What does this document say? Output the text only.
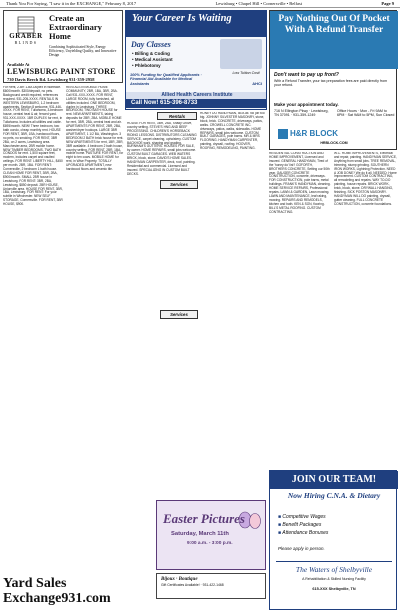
Thank You For Saying, "I saw it in the EXCHANGE," February 8, 2017	Lewisburg • Chapel Hill • Cornersville • Belfast	Page 9
GRABER
BLINDS
Create an Extraordinary Home
Combining Sophisticated Style, Energy Efficiency, Unyielding Quality, and Innovative Design
Available At
LEWISBURG PAINT STORE
730 Davis Beech Rd. Lewisburg 931-359-2958

For Rent, 2-BR 1-BA Duplex in Wartrace. $600/month. $300/deposit, no pets. Background credit required, references required. 931-205-XXXX. RENTALS IN WESTERN LEWISBURG, 1-2 bedroom apartments, Section 8 welcome. 931-446-XXXX. FOR RENT, Tullahoma, 3-bedroom house, central heat & air, fenced yard. 931-XXX-XXXX. 1BR DUPLEX for rent, in Tullahoma. Includes all utilities and cable. $695/month. NEW! Three bedroom, two bath condo, cheap monthly rent. HOUSE FOR RENT, 3BR, 1BA, hardwood floors, no pets, no smoking. FOR RENT, 3BR 2BA, on 2 acres, Lewisburg area. Manchester area, 2BR mobile home. NEW TIMBER BEDROOMS, TWO BATH CONDOS for rent. 1,500 square feet, modern, includes carpet and vaulted ceilings. FOR RENT: LIBERTY HILL, $450 per month. 2BR, 1BA. FOR RENT: Cornersville, 2 bedroom 1 bath house. CLEAN HOME FOR RENT, 3BR, 2BA, $900/month. SMALL 2BR house in Lewisburg. FOR RENT: 3BR, 2BA, Lewisburg, $850 deposit. 2BR HOUSE, Unionville area. HOUSE FOR RENT, 3BR, 1BA, Lewisburg. FOR RENT: For your subtile in Winchester. NEW SELF STORAGE, Cornersville. FOR RENT, 3BR HOUSE, $900.

RENTALS IN MOBILE HOME COMMUNITY, 2BR, 1BA, 3BR, 2BA. Call 931-XXX-XXXX. FOR RENT, LARGE ROOM, fully furnished, all utilities included. ONE BEDROOM, duplex in Lewisburg. THREE BEDROOM, TWO BATH HOUSE for rent. NEW APARTMENTS, taking deposits for 2BR, 2BA. MOBILE HOME for rent, 3BR, 2BA, central heat and air. APARTMENTS FOR RENT, 2BR, 2BA, washer/dryer hookups. LARGE 3BR APARTMENT, 1 1/2 BA, Washington. 3 BEDROOM 2 BATH brick house for rent. NEW APARTMENTS for rent, 1BR, 2BR, 3BR available. 4 bedroom 2 bath house, country setting. FOR RENT, 2BR, 1BA, mobile home. PASTURE FOR RENT, for eight to ten cows. MOBILE HOME for rent, in Wise Property. TOTALLY UPGRADED APARTMENT, new hardwood floors and ceramic tile.

Your Career Is Waiting
Day Classes
• Billing & Coding
• Medical Assistant
• Phlebotomy
Low Tuition Cost!
100% Funding for Qualified Applicants · Financial Aid Available for Medical Assistants	AHCI
Allied Health Careers Institute
Call Now! 615-396-8733
Rentals

HOUSE FOR RENT, 3BR, 2BA, Shady Grove, country setting. STEVE'S HNG AND BEEF PROCESSING. CHILDREN'S HORSEBACK RIDING LESSONS. DISTRIBUTORS CLEANING SERVICE, carpet cleaning, upholstery. CUSTOM BACKHOE work, shaping and grading. BURNHAM'S GUTTERS. HOUSES FOR SALE, by owner. HOME REPAIRS, small jobs welcome. CUSTOM BUILT GARAGES. WEB WATERS BRICK, block, stone. DAVID'S HOME SALES. HANDYMAN CARPENTER, deck, roof, painting. Residential and commercial. Licensed and insured. SPECIALIZING IN CUSTOM BUILT DECKS.

Services
Services

HONEY DO HANDYMAN, do-it-all. No job too big. JOHNNY SILVESTER MASONRY, stone, block, brick. CONCRETE, driveways, patios, walks. CROWELL CONCRETE INC. driveways, patios, walks, sidewalks. HOME REPAIRS, small jobs welcome. CUSTOM BUILT GARAGES, pole barns. MR & MRS FLOORING. HANDYMAN CARPENTER, painting, drywall, roofing. HOOVER, ROOFING, REMODELING, PAINTING.

Pay Nothing Out Of Pocket With A Refund Transfer
Don't want to pay up front?
With a Refund Transfer, your tax preparation fees are paid directly from your refund.
Make your appointment today.
716 N Ellington Pkwy · Lewisburg, TN 37091 · 931-359-1249
Office Hours · Mon - Fri 9AM to 6PM · Sat 9AM to 5PM, Sun Closed
H&R BLOCK
HRBLOCK.COM

RESIDENTIAL CONSTRUCTION AND HOME IMPROVEMENT, Licensed and insured. GENERAL HANDYMAN, Tired of the 'honey do' list? GOFORTH, BROTHERS CONCRETE, Setting our 50th year. GAUGER CONCRETE CONSTRUCTION, concrete, driveways. FOR CONSTRUCTION, pole barns, metal buildings. FRANK'S HANDYMAN, cleaning. HOME SERVICE REPAIRS, Professional repairs. LAWN & GARDEN, Lawn mowing. LAWN AND MAINTENANCE, leaf raking, mowing. REPAIRS AND REMODELS, kitchen and bath. KEN & SON, flooring. BILL'S METAL ROOFING. CUSTOM CONTRACTING.

W.C. HOME IMPROVEMENTS, Electrical and repair, painting. HANDYMAN SERVICE, Anything from small jobs. TREE REMOVAL, trimming, stump grinding. SOUTHERN IRON WORKS, Lightning Protection. NEED A JOB DONE? We do it all. NEEDED: Home Improvement. CUSTOM CONTRACTING, all remodeling and repairs. WAY TO-DO painting, house repairs. BRICK WORK, brick, block, stone. DRYWALL HANGING, finishing. SICK POSTON MASONRY. HANDYMAN WILL DO painting, drywall, gutter cleaning. FULL CONCRETE CONSTRUCTION, concrete foundations.

Easter Pictures
Saturday, March 11th
9:00 a.m. - 3:00 p.m.
Bijoux · Boutique
Gift Certificates Available! · 931-422-1468
JOIN OUR TEAM!
Now Hiring C.N.A. & Dietary
■ Competitive Wages
■ Benefit Packages
■ Attendance Bonuses
Please apply in person.
The Waters of Shelbyville
A Rehabilitation & Skilled Nursing Facility
615-XXX Shelbyville, TN
Yard Sales
Exchange931.com
